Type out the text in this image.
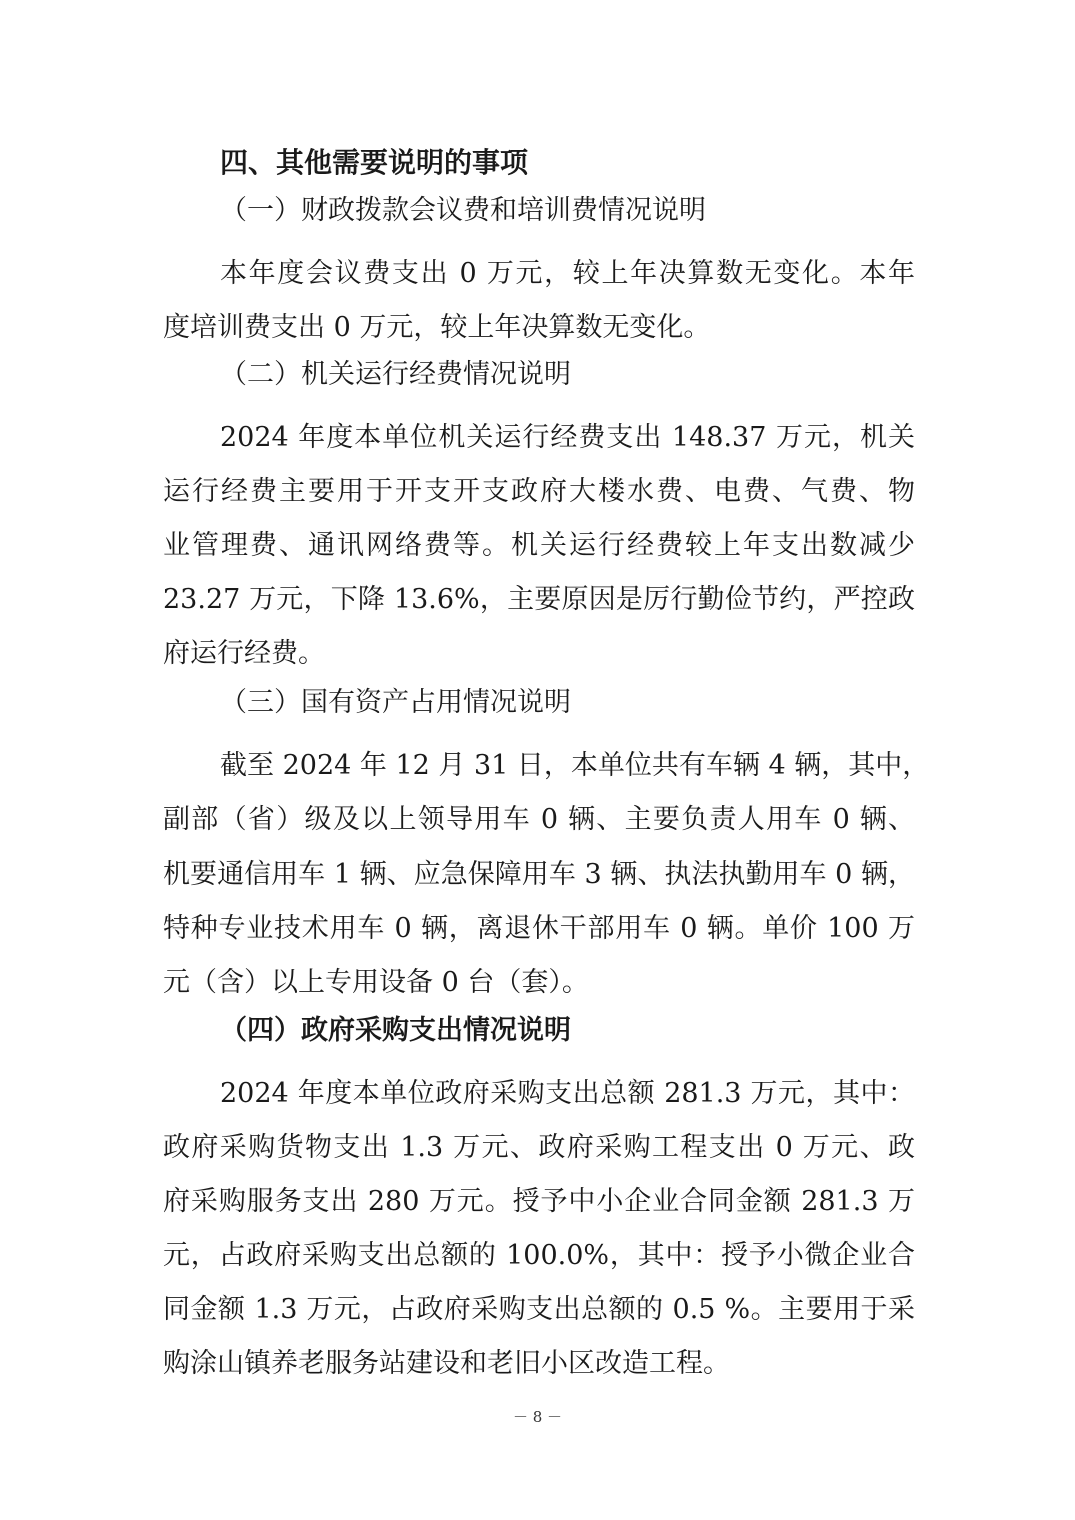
四、其他需要说明的事项
（一）财政拨款会议费和培训费情况说明
本年度会议费支出 0 万元，较上年决算数无变化。本年
度培训费支出 0 万元，较上年决算数无变化。
（二）机关运行经费情况说明
2024 年度本单位机关运行经费支出 148.37 万元，机关
运行经费主要用于开支开支政府大楼水费、电费、气费、物
业管理费、通讯网络费等。机关运行经费较上年支出数减少
23.27 万元，下降 13.6%，主要原因是厉行勤俭节约，严控政
府运行经费。
（三）国有资产占用情况说明
截至 2024 年 12 月 31 日，本单位共有车辆 4 辆，其中，
副部（省）级及以上领导用车 0 辆、主要负责人用车 0 辆、
机要通信用车 1 辆、应急保障用车 3 辆、执法执勤用车 0 辆，
特种专业技术用车 0 辆，离退休干部用车 0 辆。单价 100 万
元（含）以上专用设备 0 台（套）。
（四）政府采购支出情况说明
2024 年度本单位政府采购支出总额 281.3 万元，其中：
政府采购货物支出 1.3 万元、政府采购工程支出 0 万元、政
府采购服务支出 280 万元。授予中小企业合同金额 281.3 万
元，占政府采购支出总额的 100.0%，其中：授予小微企业合
同金额 1.3 万元，占政府采购支出总额的 0.5 %。主要用于采
购涂山镇养老服务站建设和老旧小区改造工程。
－ 8 －
